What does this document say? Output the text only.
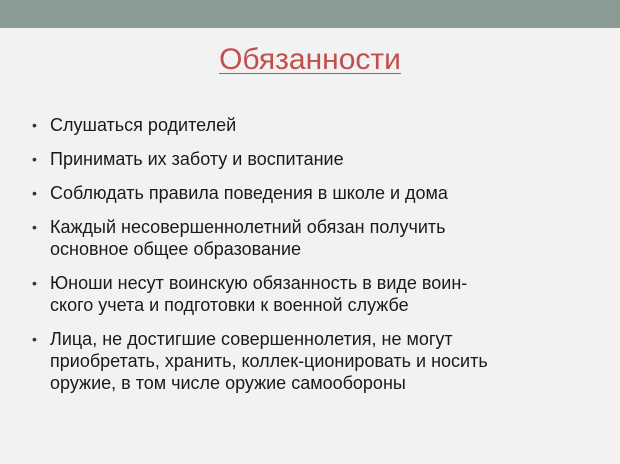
Обязанности
• Слушаться родителей
• Принимать их заботу и воспитание
• Соблюдать правила поведения в школе и дома
• Каждый несовершеннолетний обязан получить
основное общее образование
• Юноши несут воинскую обязанность в виде воин-
ского учета и подготовки к военной службе
• Лица, не достигшие совершеннолетия, не могут
приобретать, хранить, коллек-ционировать и носить
оружие, в том числе оружие самообороны
